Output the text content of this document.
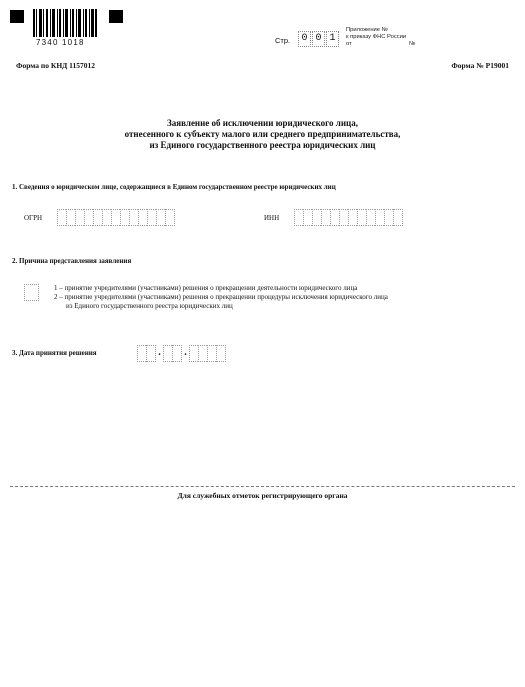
7340 1018	Стр.	0 0 1
Приложение №
к приказу ФНС России
от	№
Форма по КНД 1157012	Форма № Р19001
Заявление об исключении юридического лица,
отнесенного к субъекту малого или среднего предпринимательства,
из Единого государственного реестра юридических лиц
1. Сведения о юридическом лице, содержащиеся в Едином государственном реестре юридических лиц
ОГРН	ИНН
2. Причина представления заявления
1 – принятие учредителями (участниками) решения о прекращении деятельности юридического лица
2 – принятие учредителями (участниками) решения о прекращении процедуры исключения юридического лица
из Единого государственного реестра юридических лиц
3. Дата принятия решения	. .
Для служебных отметок регистрирующего органа
